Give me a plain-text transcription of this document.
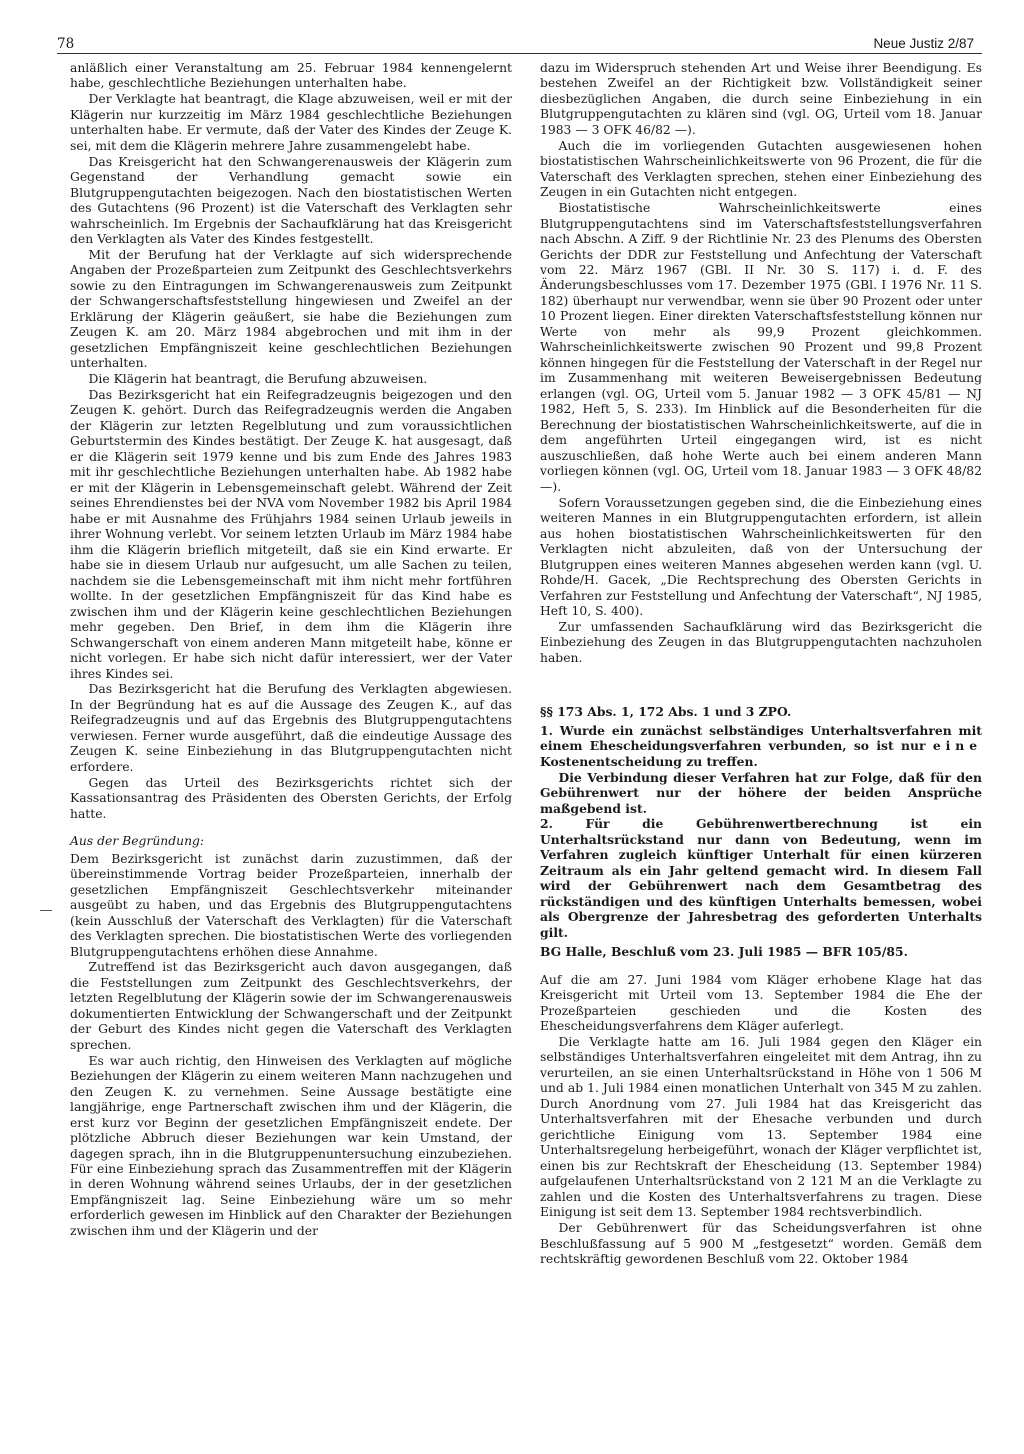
78	Neue Justiz 2/87

anläßlich einer Veranstaltung am 25. Februar 1984 kennengelernt habe, geschlechtliche Beziehungen unterhalten habe.

Der Verklagte hat beantragt, die Klage abzuweisen, weil er mit der Klägerin nur kurzzeitig im März 1984 geschlechtliche Beziehungen unterhalten habe. Er vermute, daß der Vater des Kindes der Zeuge K. sei, mit dem die Klägerin mehrere Jahre zusammengelebt habe.

Das Kreisgericht hat den Schwangerenausweis der Klägerin zum Gegenstand der Verhandlung gemacht sowie ein Blutgruppengutachten beigezogen. Nach den biostatistischen Werten des Gutachtens (96 Prozent) ist die Vaterschaft des Verklagten sehr wahrscheinlich. Im Ergebnis der Sachaufklärung hat das Kreisgericht den Verklagten als Vater des Kindes festgestellt.

Mit der Berufung hat der Verklagte auf sich widersprechende Angaben der Prozeßparteien zum Zeitpunkt des Geschlechtsverkehrs sowie zu den Eintragungen im Schwangerenausweis zum Zeitpunkt der Schwangerschaftsfeststellung hingewiesen und Zweifel an der Erklärung der Klägerin geäußert, sie habe die Beziehungen zum Zeugen K. am 20. März 1984 abgebrochen und mit ihm in der gesetzlichen Empfängniszeit keine geschlechtlichen Beziehungen unterhalten.

Die Klägerin hat beantragt, die Berufung abzuweisen.

Das Bezirksgericht hat ein Reifegradzeugnis beigezogen und den Zeugen K. gehört. Durch das Reifegradzeugnis werden die Angaben der Klägerin zur letzten Regelblutung und zum voraussichtlichen Geburtstermin des Kindes bestätigt. Der Zeuge K. hat ausgesagt, daß er die Klägerin seit 1979 kenne und bis zum Ende des Jahres 1983 mit ihr geschlechtliche Beziehungen unterhalten habe. Ab 1982 habe er mit der Klägerin in Lebensgemeinschaft gelebt. Während der Zeit seines Ehrendienstes bei der NVA vom November 1982 bis April 1984 habe er mit Ausnahme des Frühjahrs 1984 seinen Urlaub jeweils in ihrer Wohnung verlebt. Vor seinem letzten Urlaub im März 1984 habe ihm die Klägerin brieflich mitgeteilt, daß sie ein Kind erwarte. Er habe sie in diesem Urlaub nur aufgesucht, um alle Sachen zu teilen, nachdem sie die Lebensgemeinschaft mit ihm nicht mehr fortführen wollte. In der gesetzlichen Empfängniszeit für das Kind habe es zwischen ihm und der Klägerin keine geschlechtlichen Beziehungen mehr gegeben. Den Brief, in dem ihm die Klägerin ihre Schwangerschaft von einem anderen Mann mitgeteilt habe, könne er nicht vorlegen. Er habe sich nicht dafür interessiert, wer der Vater ihres Kindes sei.

Das Bezirksgericht hat die Berufung des Verklagten abgewiesen. In der Begründung hat es auf die Aussage des Zeugen K., auf das Reifegradzeugnis und auf das Ergebnis des Blutgruppengutachtens verwiesen. Ferner wurde ausgeführt, daß die eindeutige Aussage des Zeugen K. seine Einbeziehung in das Blutgruppengutachten nicht erfordere.

Gegen das Urteil des Bezirksgerichts richtet sich der Kassationsantrag des Präsidenten des Obersten Gerichts, der Erfolg hatte.

Aus der Begründung:

Dem Bezirksgericht ist zunächst darin zuzustimmen, daß der übereinstimmende Vortrag beider Prozeßparteien, innerhalb der gesetzlichen Empfängniszeit Geschlechtsverkehr miteinander ausgeübt zu haben, und das Ergebnis des Blutgruppengutachtens (kein Ausschluß der Vaterschaft des Verklagten) für die Vaterschaft des Verklagten sprechen. Die biostatistischen Werte des vorliegenden Blutgruppengutachtens erhöhen diese Annahme.

Zutreffend ist das Bezirksgericht auch davon ausgegangen, daß die Feststellungen zum Zeitpunkt des Geschlechtsverkehrs, der letzten Regelblutung der Klägerin sowie der im Schwangerenausweis dokumentierten Entwicklung der Schwangerschaft und der Zeitpunkt der Geburt des Kindes nicht gegen die Vaterschaft des Verklagten sprechen.

Es war auch richtig, den Hinweisen des Verklagten auf mögliche Beziehungen der Klägerin zu einem weiteren Mann nachzugehen und den Zeugen K. zu vernehmen. Seine Aussage bestätigte eine langjährige, enge Partnerschaft zwischen ihm und der Klägerin, die erst kurz vor Beginn der gesetzlichen Empfängniszeit endete. Der plötzliche Abbruch dieser Beziehungen war kein Umstand, der dagegen sprach, ihn in die Blutgruppenuntersuchung einzubeziehen. Für eine Einbeziehung sprach das Zusammentreffen mit der Klägerin in deren Wohnung während seines Urlaubs, der in der gesetzlichen Empfängniszeit lag. Seine Einbeziehung wäre um so mehr erforderlich gewesen im Hinblick auf den Charakter der Beziehungen zwischen ihm und der Klägerin und der

dazu im Widerspruch stehenden Art und Weise ihrer Beendigung. Es bestehen Zweifel an der Richtigkeit bzw. Vollständigkeit seiner diesbezüglichen Angaben, die durch seine Einbeziehung in ein Blutgruppengutachten zu klären sind (vgl. OG, Urteil vom 18. Januar 1983 — 3 OFK 46/82 —).

Auch die im vorliegenden Gutachten ausgewiesenen hohen biostatistischen Wahrscheinlichkeitswerte von 96 Prozent, die für die Vaterschaft des Verklagten sprechen, stehen einer Einbeziehung des Zeugen in ein Gutachten nicht entgegen.

Biostatistische Wahrscheinlichkeitswerte eines Blutgruppengutachtens sind im Vaterschaftsfeststellungsverfahren nach Abschn. A Ziff. 9 der Richtlinie Nr. 23 des Plenums des Obersten Gerichts der DDR zur Feststellung und Anfechtung der Vaterschaft vom 22. März 1967 (GBl. II Nr. 30 S. 117) i. d. F. des Änderungsbeschlusses vom 17. Dezember 1975 (GBl. I 1976 Nr. 11 S. 182) überhaupt nur verwendbar, wenn sie über 90 Prozent oder unter 10 Prozent liegen. Einer direkten Vaterschaftsfeststellung können nur Werte von mehr als 99,9 Prozent gleichkommen. Wahrscheinlichkeitswerte zwischen 90 Prozent und 99,8 Prozent können hingegen für die Feststellung der Vaterschaft in der Regel nur im Zusammenhang mit weiteren Beweisergebnissen Bedeutung erlangen (vgl. OG, Urteil vom 5. Januar 1982 — 3 OFK 45/81 — NJ 1982, Heft 5, S. 233). Im Hinblick auf die Besonderheiten für die Berechnung der biostatistischen Wahrscheinlichkeitswerte, auf die in dem angeführten Urteil eingegangen wird, ist es nicht auszuschließen, daß hohe Werte auch bei einem anderen Mann vorliegen können (vgl. OG, Urteil vom 18. Januar 1983 — 3 OFK 48/82 —).

Sofern Voraussetzungen gegeben sind, die die Einbeziehung eines weiteren Mannes in ein Blutgruppengutachten erfordern, ist allein aus hohen biostatistischen Wahrscheinlichkeitswerten für den Verklagten nicht abzuleiten, daß von der Untersuchung der Blutgruppen eines weiteren Mannes abgesehen werden kann (vgl. U. Rohde/H. Gacek, „Die Rechtsprechung des Obersten Gerichts in Verfahren zur Feststellung und Anfechtung der Vaterschaft“, NJ 1985, Heft 10, S. 400).

Zur umfassenden Sachaufklärung wird das Bezirksgericht die Einbeziehung des Zeugen in das Blutgruppengutachten nachzuholen haben.

§§ 173 Abs. 1, 172 Abs. 1 und 3 ZPO.

1. Wurde ein zunächst selbständiges Unterhaltsverfahren mit einem Ehescheidungsverfahren verbunden, so ist nur eine Kostenentscheidung zu treffen.

Die Verbindung dieser Verfahren hat zur Folge, daß für den Gebührenwert nur der höhere der beiden Ansprüche maßgebend ist.

2. Für die Gebührenwertberechnung ist ein Unterhaltsrückstand nur dann von Bedeutung, wenn im Verfahren zugleich künftiger Unterhalt für einen kürzeren Zeitraum als ein Jahr geltend gemacht wird. In diesem Fall wird der Gebührenwert nach dem Gesamtbetrag des rückständigen und des künftigen Unterhalts bemessen, wobei als Obergrenze der Jahresbetrag des geforderten Unterhalts gilt.

BG Halle, Beschluß vom 23. Juli 1985 — BFR 105/85.

Auf die am 27. Juni 1984 vom Kläger erhobene Klage hat das Kreisgericht mit Urteil vom 13. September 1984 die Ehe der Prozeßparteien geschieden und die Kosten des Ehescheidungsverfahrens dem Kläger auferlegt.

Die Verklagte hatte am 16. Juli 1984 gegen den Kläger ein selbständiges Unterhaltsverfahren eingeleitet mit dem Antrag, ihn zu verurteilen, an sie einen Unterhaltsrückstand in Höhe von 1 506 M und ab 1. Juli 1984 einen monatlichen Unterhalt von 345 M zu zahlen. Durch Anordnung vom 27. Juli 1984 hat das Kreisgericht das Unterhaltsverfahren mit der Ehesache verbunden und durch gerichtliche Einigung vom 13. September 1984 eine Unterhaltsregelung herbeigeführt, wonach der Kläger verpflichtet ist, einen bis zur Rechtskraft der Ehescheidung (13. September 1984) aufgelaufenen Unterhaltsrückstand von 2 121 M an die Verklagte zu zahlen und die Kosten des Unterhaltsverfahrens zu tragen. Diese Einigung ist seit dem 13. September 1984 rechtsverbindlich.

Der Gebührenwert für das Scheidungsverfahren ist ohne Beschlußfassung auf 5 900 M „festgesetzt“ worden. Gemäß dem rechtskräftig gewordenen Beschluß vom 22. Oktober 1984
